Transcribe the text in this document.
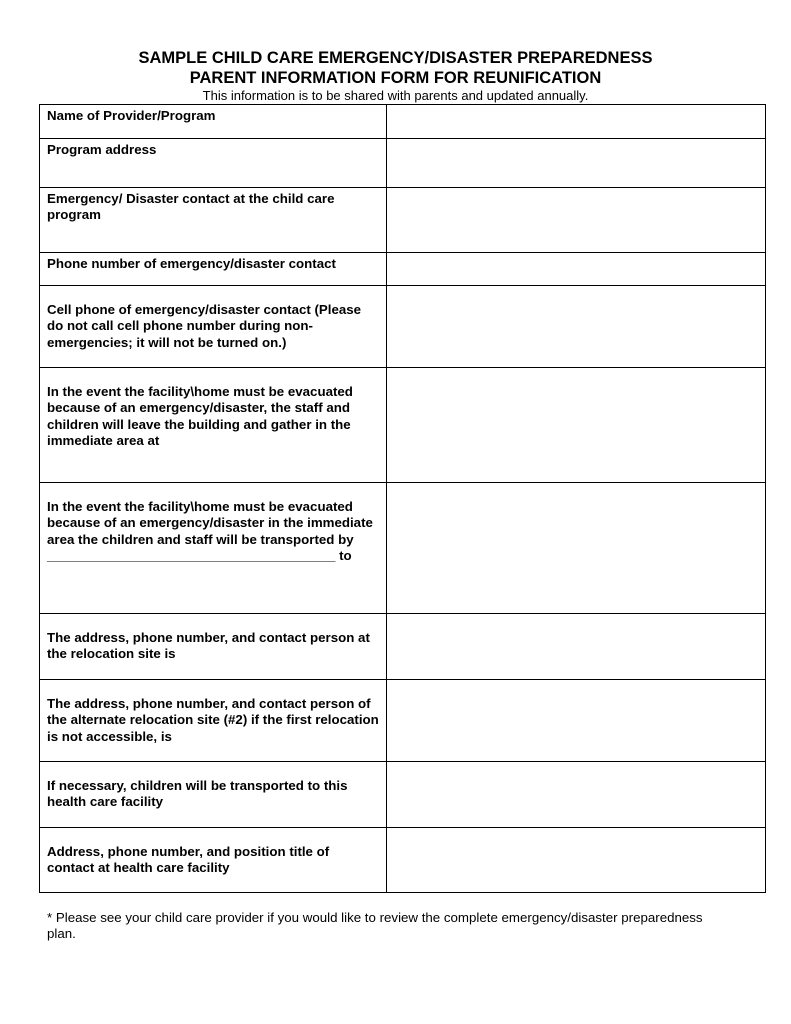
SAMPLE CHILD CARE EMERGENCY/DISASTER PREPAREDNESS
PARENT INFORMATION FORM FOR REUNIFICATION
This information is to be shared with parents and updated annually.
Name of Provider/Program	
Program address	
Emergency/ Disaster contact at the child care program	
Phone number of emergency/disaster contact	
Cell phone of emergency/disaster contact (Please do not call cell phone number during non-emergencies; it will not be turned on.)	
In the event the facility\home must be evacuated because of an emergency/disaster, the staff and children will leave the building and gather in the immediate area at	
In the event the facility\home must be evacuated because of an emergency/disaster in the immediate area the children and staff will be transported by
_______________________________________ to	

The address, phone number, and contact person at the relocation site is	
The address, phone number, and contact person of the alternate relocation site (#2) if the first relocation is not accessible, is	
If necessary, children will be transported to this health care facility	
Address, phone number, and position title of contact at health care facility	
* Please see your child care provider if you would like to review the complete emergency/disaster preparedness plan.
